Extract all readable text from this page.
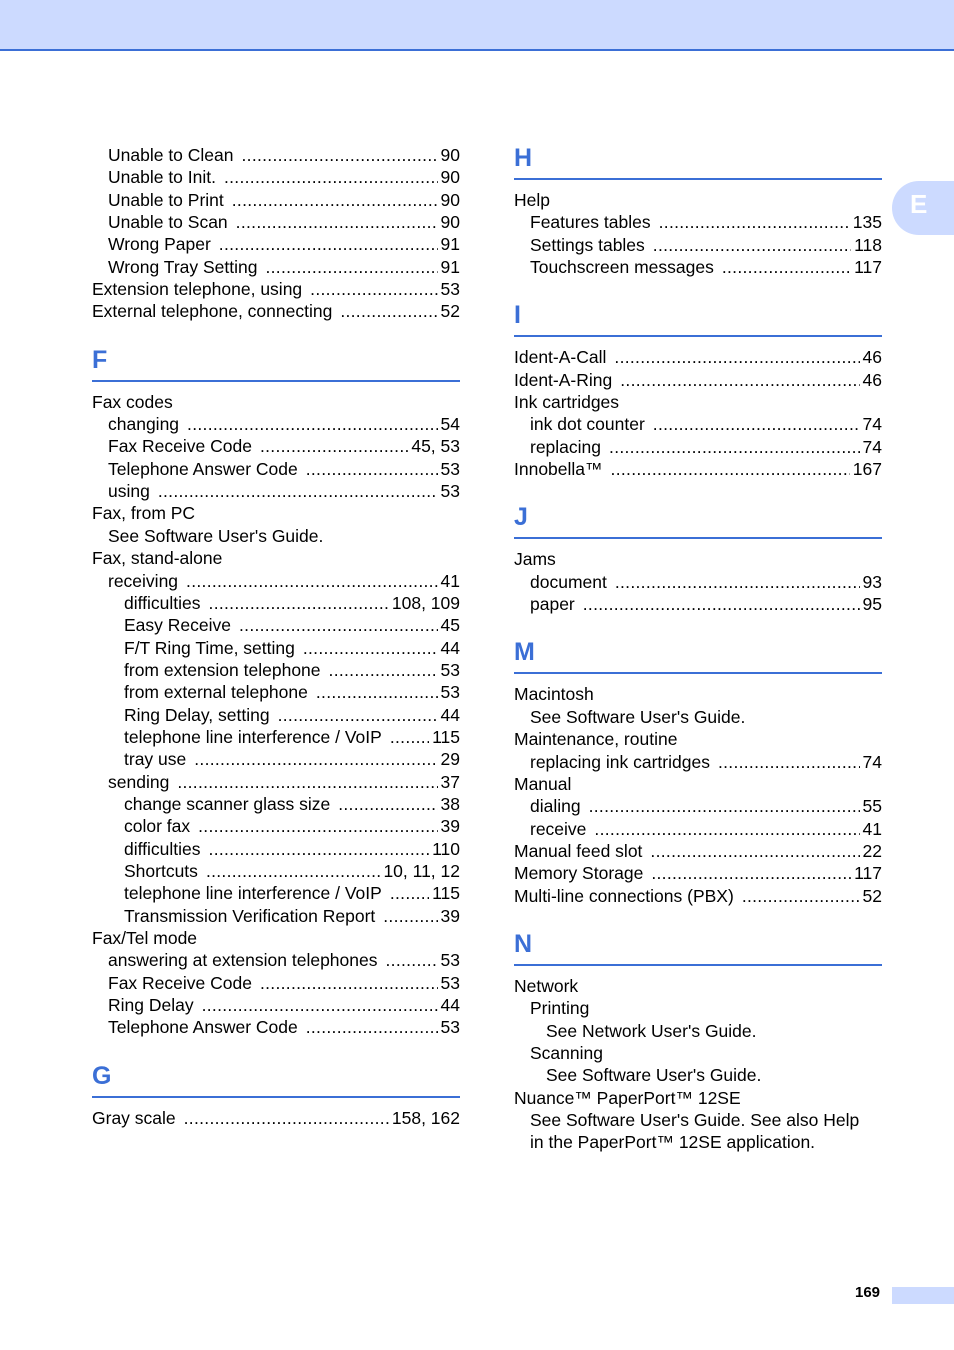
E
Unable to Clean .....	90
Unable to Init. .....	90
Unable to Print .....	90
Unable to Scan .....	90
Wrong Paper .....	91
Wrong Tray Setting .....	91
Extension telephone, using .....	53
External telephone, connecting .....	52
F
Fax codes
changing .....	54
Fax Receive Code .....	45, 53
Telephone Answer Code .....	53
using .....	53
Fax, from PC
See Software User's Guide.
Fax, stand-alone
receiving .....	41
difficulties .....	108, 109
Easy Receive .....	45
F/T Ring Time, setting .....	44
from extension telephone .....	53
from external telephone .....	53
Ring Delay, setting .....	44
telephone line interference / VoIP .....	115
tray use .....	29
sending .....	37
change scanner glass size .....	38
color fax .....	39
difficulties .....	110
Shortcuts .....	10, 11, 12
telephone line interference / VoIP .....	115
Transmission Verification Report .....	39
Fax/Tel mode
answering at extension telephones .....	53
Fax Receive Code .....	53
Ring Delay .....	44
Telephone Answer Code .....	53
G
Gray scale .....	158, 162
H
Help
Features tables .....	135
Settings tables .....	118
Touchscreen messages .....	117
I
Ident-A-Call .....	46
Ident-A-Ring .....	46
Ink cartridges
ink dot counter .....	74
replacing .....	74
Innobella™ .....	167
J
Jams
document .....	93
paper .....	95
M
Macintosh
See Software User's Guide.
Maintenance, routine
replacing ink cartridges .....	74
Manual
dialing .....	55
receive .....	41
Manual feed slot .....	22
Memory Storage .....	117
Multi-line connections (PBX) .....	52
N
Network
Printing
See Network User's Guide.
Scanning
See Software User's Guide.
Nuance™ PaperPort™ 12SE
See Software User's Guide. See also Help
in the PaperPort™ 12SE application.
169
